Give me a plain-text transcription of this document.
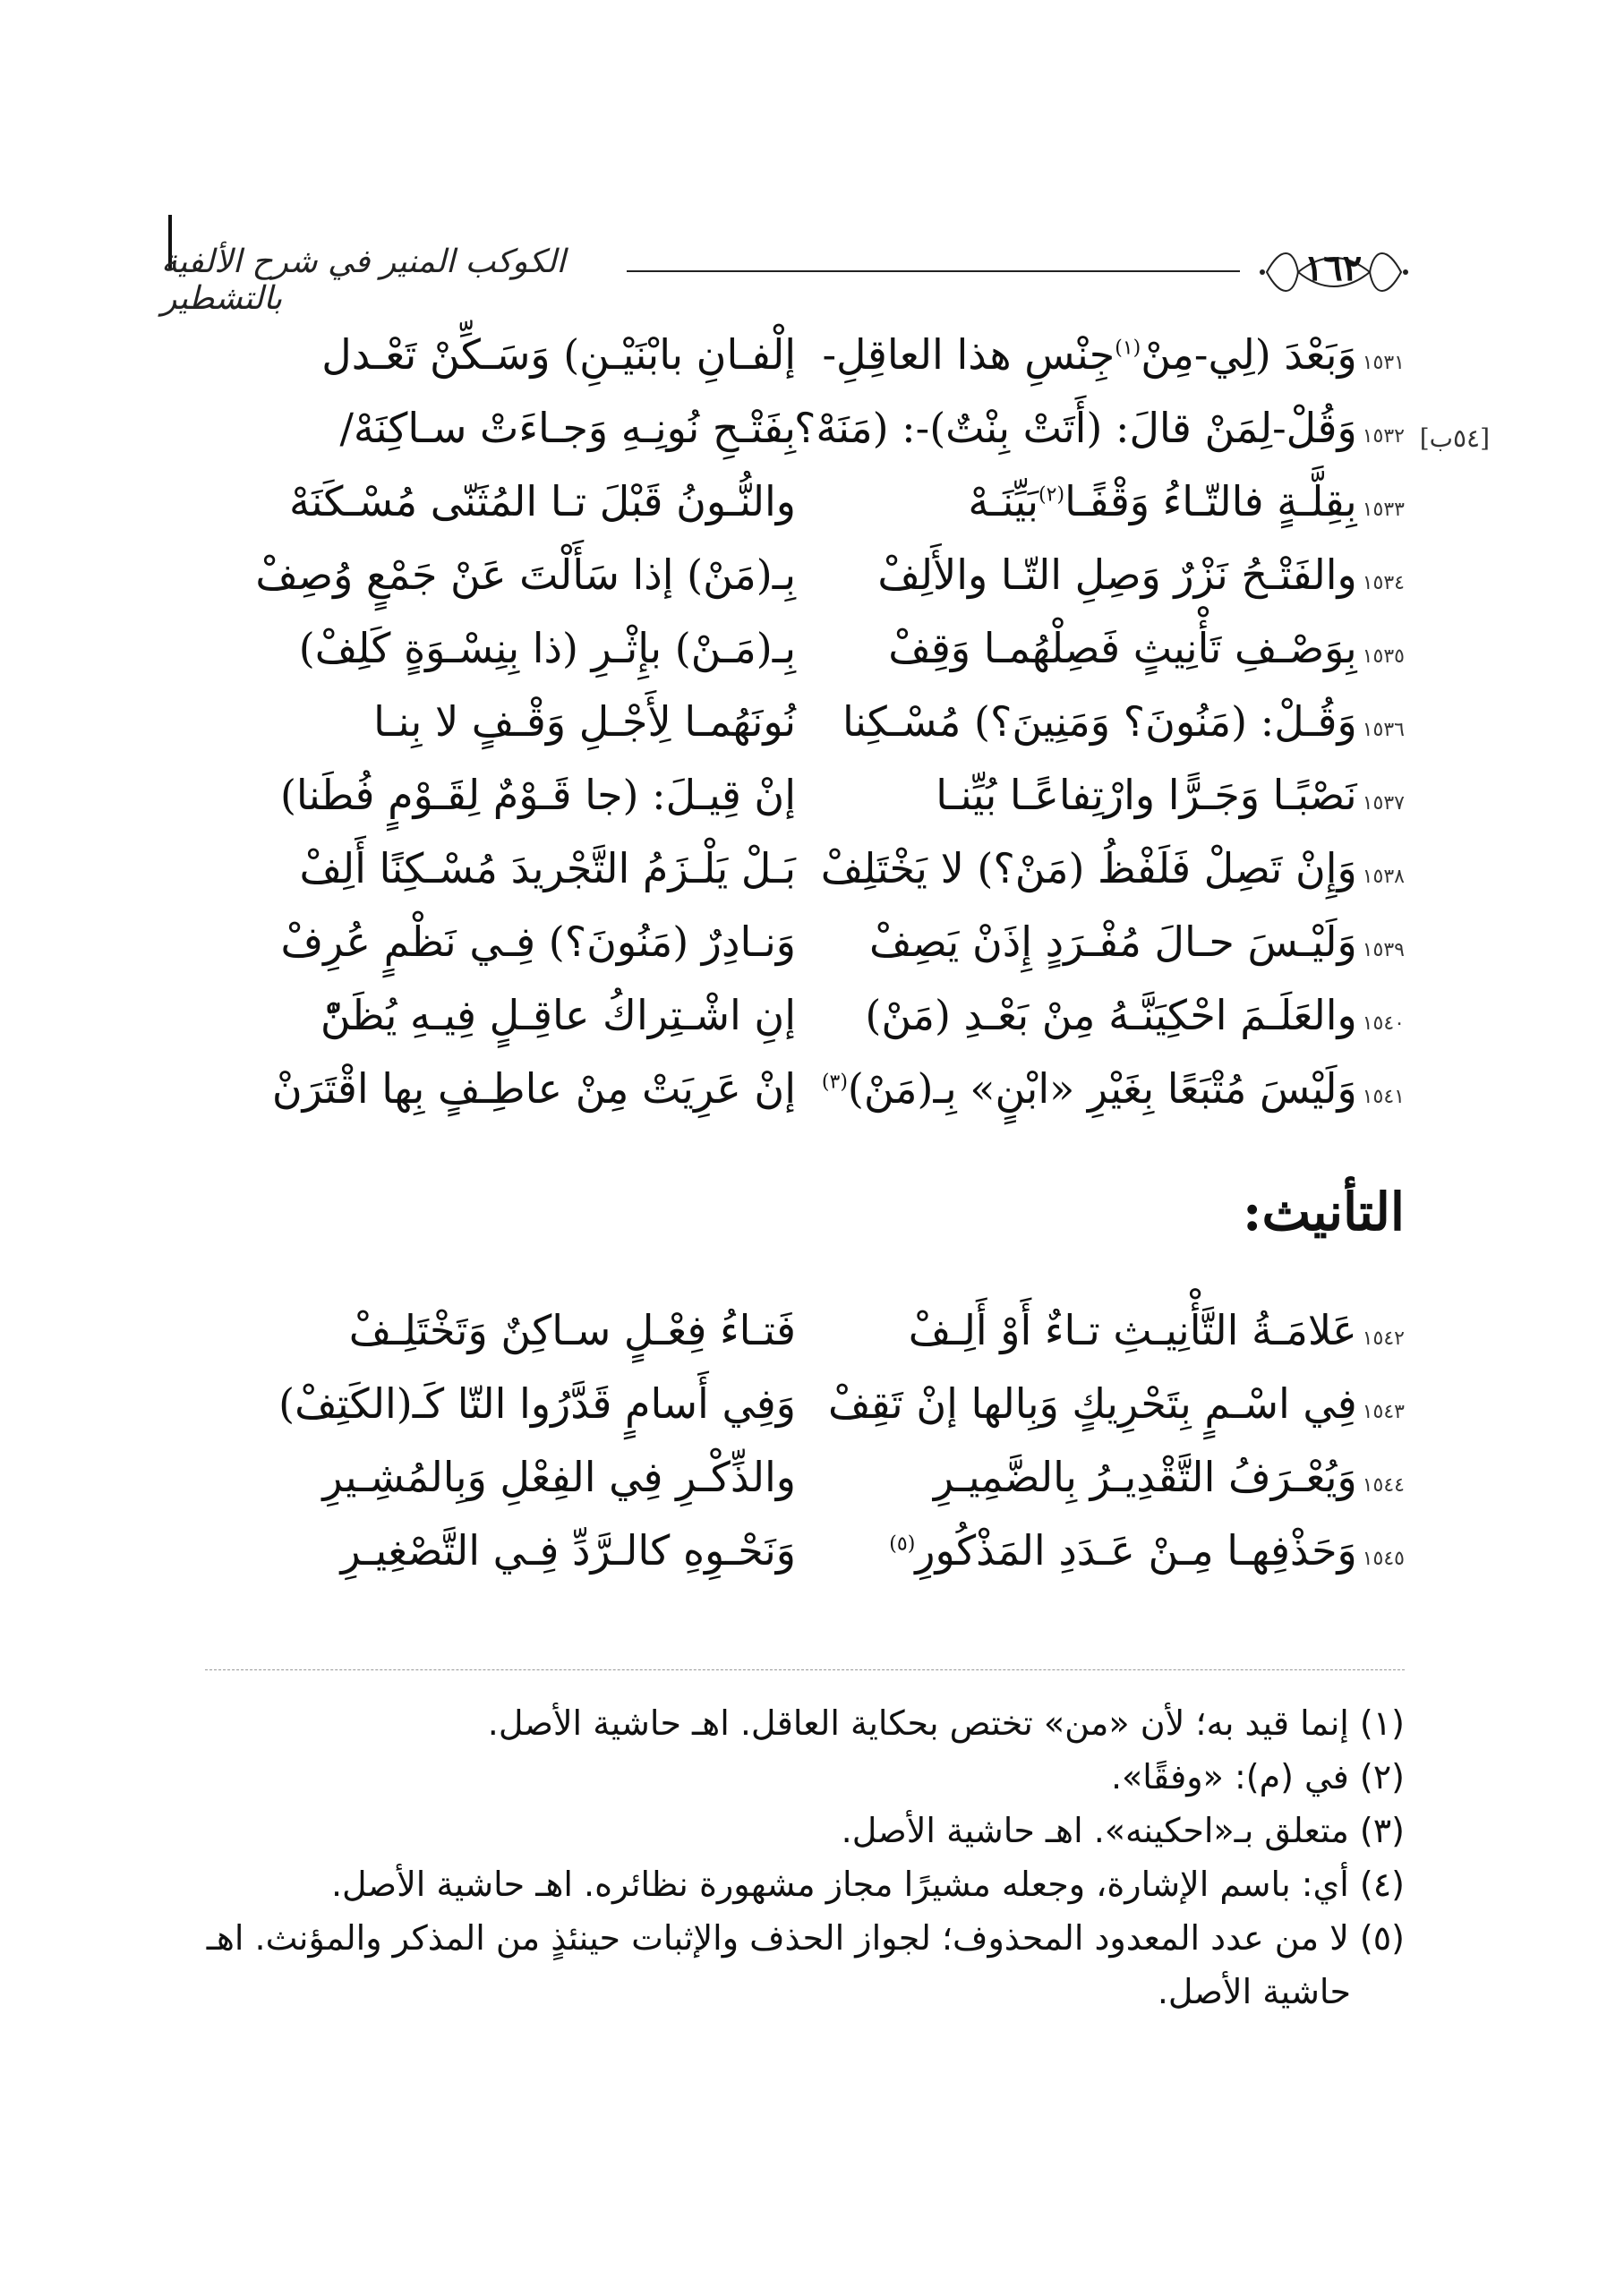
١٦٢
الكوكب المنير في شرح الألفية بالتشطير
١٥٣١وَبَعْدَ (لِي-مِنْ$^{(١)}$جِنْسِ هذا العاقِلِ-
إلْفـانِ بابْنَيْـنِ) وَسَـكِّنْ تَعْـدل
١٥٣٢وَقُلْ-لِمَنْ قالَ: (أَتَتْ بِنْتٌ)-: (مَنَهْ؟ [٥٤ب]
بِفَتْـحِ نُونِـهِ وَجـاءَتْ سـاكِنَهْ/
١٥٣٣بِقِلَّـةٍ فالتّـاءُ وَقْفًـا$^{(٢)}$بَيِّنَـهْ
والنُّـونُ قَبْلَ تـا المُثَنّى مُسْـكَنَهْ
١٥٣٤والفَتْـحُ نَزْرٌ وَصِلِ التّـا والأَلِفْ
بِـ(مَنْ) إذا سَأَلْتَ عَنْ جَمْعٍ وُصِفْ
١٥٣٥بِوَصْـفِ تَأْنِيثٍ فَصِلْهُمـا وَقِفْ
بِـ(مَـنْ) بإِثْـرِ (ذا بِنِسْـوَةٍ كَلِفْ)
١٥٣٦وَقُـلْ: (مَنُونَ؟ وَمَنِينَ؟) مُسْـكِنا
نُونَهُمـا لِأَجْـلِ وَقْـفٍ لا بِنـا
١٥٣٧نَصْبًـا وَجَـرًّا وارْتِفاعًـا بُيِّنـا
إنْ قِيـلَ: (جا قَـوْمٌ لِقَـوْمٍ فُطَنا)
١٥٣٨وَإِنْ تَصِلْ فَلَفْظُ (مَنْ؟) لا يَخْتَلِفْ
بَـلْ يَلْـزَمُ التَّجْريدَ مُسْـكِنًا أَلِفْ
١٥٣٩وَلَيْـسَ حـالَ مُفْـرَدٍ إِذَنْ يَصِفْ
وَنـادِرٌ (مَنُونَ؟) فِـي نَظْمٍ عُرِفْ
١٥٤٠والعَلَـمَ احْكِيَنَّـهُ مِنْ بَعْـدِ (مَنْ)
إنِ اشْـتِراكُ عاقِـلٍ فِيـهِ يُظَنّْ
١٥٤١وَلَيْسَ مُتْبَعًا بِغَيْرِ «ابْنٍ» بِـ(مَنْ)$^{(٣)}$
إنْ عَرِيَتْ مِنْ عاطِـفٍ بِها اقْتَرَنْ
التأنيث:
١٥٤٢عَلامَـةُ التَّأْنِيـثِ تـاءٌ أَوْ أَلِـفْ
فَتـاءُ فِعْـلٍ سـاكِنٌ وَتَخْتَلِـفْ
١٥٤٣فِي اسْـمٍ بِتَحْرِيكٍ وَبِالها إنْ تَقِفْ
وَفِي أَسامٍ قَدَّرُوا التّا كَـ(الكَتِفْ)
١٥٤٤وَيُعْـرَفُ التَّقْدِيـرُ بِالضَّمِيـرِ
والذِّكْـرِ فِي الفِعْلِ وَبِالمُشِـيرِ
١٥٤٥وَحَذْفِهـا مِـنْ عَـدَدِ المَذْكُورِ$^{(٥)}$
وَنَحْـوِهِ كالـرَّدِّ فِـي التَّصْغِيـرِ
(١) إنما قيد به؛ لأن «من» تختص بحكاية العاقل. اهـ حاشية الأصل.
(٢) في (م): «وفقًا».
(٣) متعلق بـ«احكينه». اهـ حاشية الأصل.
(٤) أي: باسم الإشارة، وجعله مشيرًا مجاز مشهورة نظائره. اهـ حاشية الأصل.
(٥) لا من عدد المعدود المحذوف؛ لجواز الحذف والإثبات حينئذٍ من المذكر والمؤنث. اهـ
حاشية الأصل.
